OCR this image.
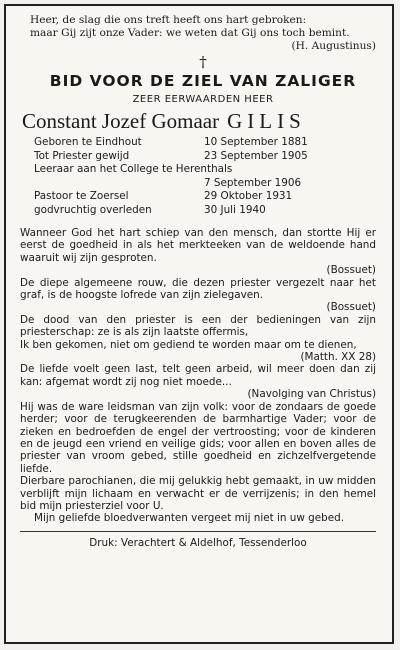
Heer, de slag die ons treft heeft ons hart gebroken:
maar Gij zijt onze Vader: we weten dat Gij ons toch bemint.
(H. Augustinus)
†
BID VOOR DE ZIEL VAN ZALIGER
ZEER EERWAARDEN HEER
Constant Jozef Gomaar GILIS
Geboren te Eindhout	10 September 1881
Tot Priester gewijd	23 September 1905
Leeraar aan het College te Herenthals
7 September 1906
Pastoor te Zoersel	29 Oktober 1931
godvruchtig overleden	30 Juli 1940
Wanneer God het hart schiep van den mensch, dan stortte Hij er eerst de goedheid in als het merkteeken van de weldoende hand waaruit wij zijn gesproten.
(Bossuet)
De diepe algemeene rouw, die dezen priester vergezelt naar het graf, is de hoogste lofrede van zijn zielegaven.
(Bossuet)
De dood van den priester is een der bedieningen van zijn priesterschap: ze is als zijn laatste offermis,
Ik ben gekomen, niet om gediend te worden maar om te dienen,
(Matth. XX 28)
De liefde voelt geen last, telt geen arbeid, wil meer doen dan zij kan: afgemat wordt zij nog niet moede...
(Navolging van Christus)
Hij was de ware leidsman van zijn volk: voor de zondaars de goede herder; voor de terugkeerenden de barmhartige Vader; voor de zieken en bedroefden de engel der vertroosting; voor de kinderen en de jeugd een vriend en veilige gids; voor allen en boven alles de priester van vroom gebed, stille goedheid en zichzelfvergetende liefde.
Dierbare parochianen, die mij gelukkig hebt gemaakt, in uw midden verblijft mijn lichaam en verwacht er de verrijzenis; in den hemel bid mijn priesterziel voor U.
Mijn geliefde bloedverwanten vergeet mij niet in uw gebed.
Druk: Verachtert & Aldelhof, Tessenderloo
